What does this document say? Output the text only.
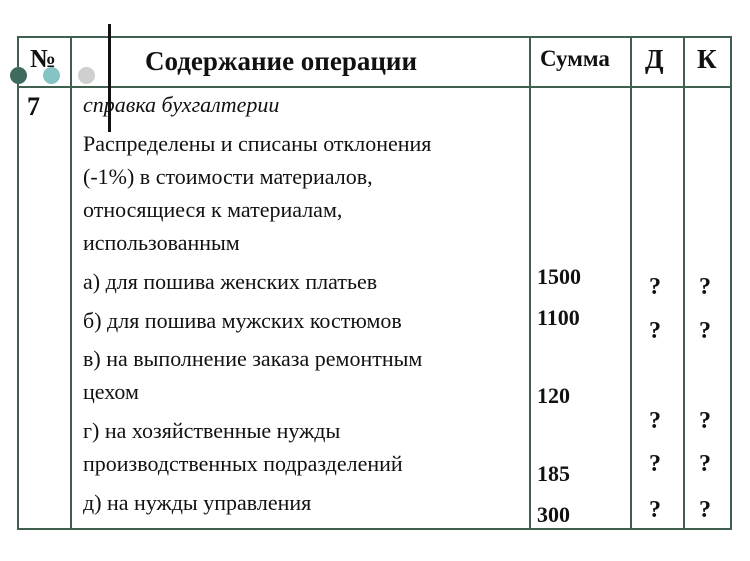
№	Содержание операции	Сумма Д К
7 справка бухгалтерии
Распределены и списаны отклонения
(-1%) в стоимости материалов,
относящиеся к материалам,
использованным
а) для пошива женских платьев
б) для пошива мужских костюмов
в) на выполнение заказа ремонтным
цехом
г) на хозяйственные нужды
производственных подразделений
д) на нужды управления
1500
1100
120
185
300
?
?
?
?
?
?
?
?
?
?
